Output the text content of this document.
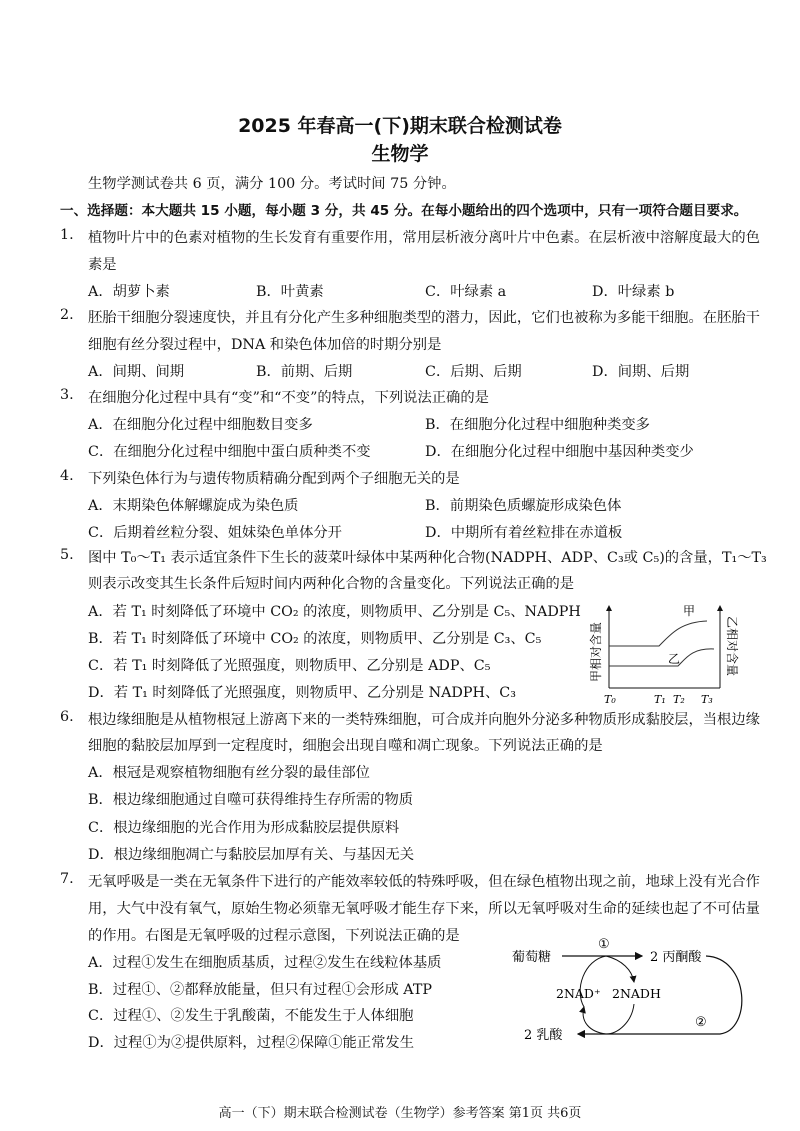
2025 年春高一(下)期末联合检测试卷
生物学
生物学测试卷共 6 页，满分 100 分。考试时间 75 分钟。
一、选择题：本大题共 15 小题，每小题 3 分，共 45 分。在每小题给出的四个选项中，只有一项符合题目要求。
1. 植物叶片中的色素对植物的生长发育有重要作用，常用层析液分离叶片中色素。在层析液中溶解度最大的色
素是
A．胡萝卜素	B．叶黄素	C．叶绿素 a	D．叶绿素 b
2. 胚胎干细胞分裂速度快，并且有分化产生多种细胞类型的潜力，因此，它们也被称为多能干细胞。在胚胎干
细胞有丝分裂过程中，DNA 和染色体加倍的时期分别是
A．间期、间期	B．前期、后期	C．后期、后期	D．间期、后期
3. 在细胞分化过程中具有“变”和“不变”的特点，下列说法正确的是
A．在细胞分化过程中细胞数目变多	B．在细胞分化过程中细胞种类变多
C．在细胞分化过程中细胞中蛋白质种类不变	D．在细胞分化过程中细胞中基因种类变少
4. 下列染色体行为与遗传物质精确分配到两个子细胞无关的是
A．末期染色体解螺旋成为染色质	B．前期染色质螺旋形成染色体
C．后期着丝粒分裂、姐妹染色单体分开	D．中期所有着丝粒排在赤道板
5. 图中 T₀～T₁ 表示适宜条件下生长的菠菜叶绿体中某两种化合物(NADPH、ADP、C₃或 C₅)的含量，T₁～T₃
则表示改变其生长条件后短时间内两种化合物的含量变化。下列说法正确的是
A．若 T₁ 时刻降低了环境中 CO₂ 的浓度，则物质甲、乙分别是 C₅、NADPH
B．若 T₁ 时刻降低了环境中 CO₂ 的浓度，则物质甲、乙分别是 C₃、C₅
C．若 T₁ 时刻降低了光照强度，则物质甲、乙分别是 ADP、C₅
D．若 T₁ 时刻降低了光照强度，则物质甲、乙分别是 NADPH、C₃
甲
乙
甲相对含量	乙相对含量
T₀	T₁ T₂ T₃
6. 根边缘细胞是从植物根冠上游离下来的一类特殊细胞，可合成并向胞外分泌多种物质形成黏胶层，当根边缘
细胞的黏胶层加厚到一定程度时，细胞会出现自噬和凋亡现象。下列说法正确的是
A．根冠是观察植物细胞有丝分裂的最佳部位
B．根边缘细胞通过自噬可获得维持生存所需的物质
C．根边缘细胞的光合作用为形成黏胶层提供原料
D．根边缘细胞凋亡与黏胶层加厚有关、与基因无关
7. 无氧呼吸是一类在无氧条件下进行的产能效率较低的特殊呼吸，但在绿色植物出现之前，地球上没有光合作
用，大气中没有氧气，原始生物必须靠无氧呼吸才能生存下来，所以无氧呼吸对生命的延续也起了不可估量
的作用。右图是无氧呼吸的过程示意图，下列说法正确的是
A．过程①发生在细胞质基质，过程②发生在线粒体基质
B．过程①、②都释放能量，但只有过程①会形成 ATP
C．过程①、②发生于乳酸菌，不能发生于人体细胞
D．过程①为②提供原料，过程②保障①能正常发生
葡萄糖
①
2 丙酮酸
②
2 乳酸
2NAD⁺ 2NADH
高一（下）期末联合检测试卷（生物学）参考答案 第1页 共6页
